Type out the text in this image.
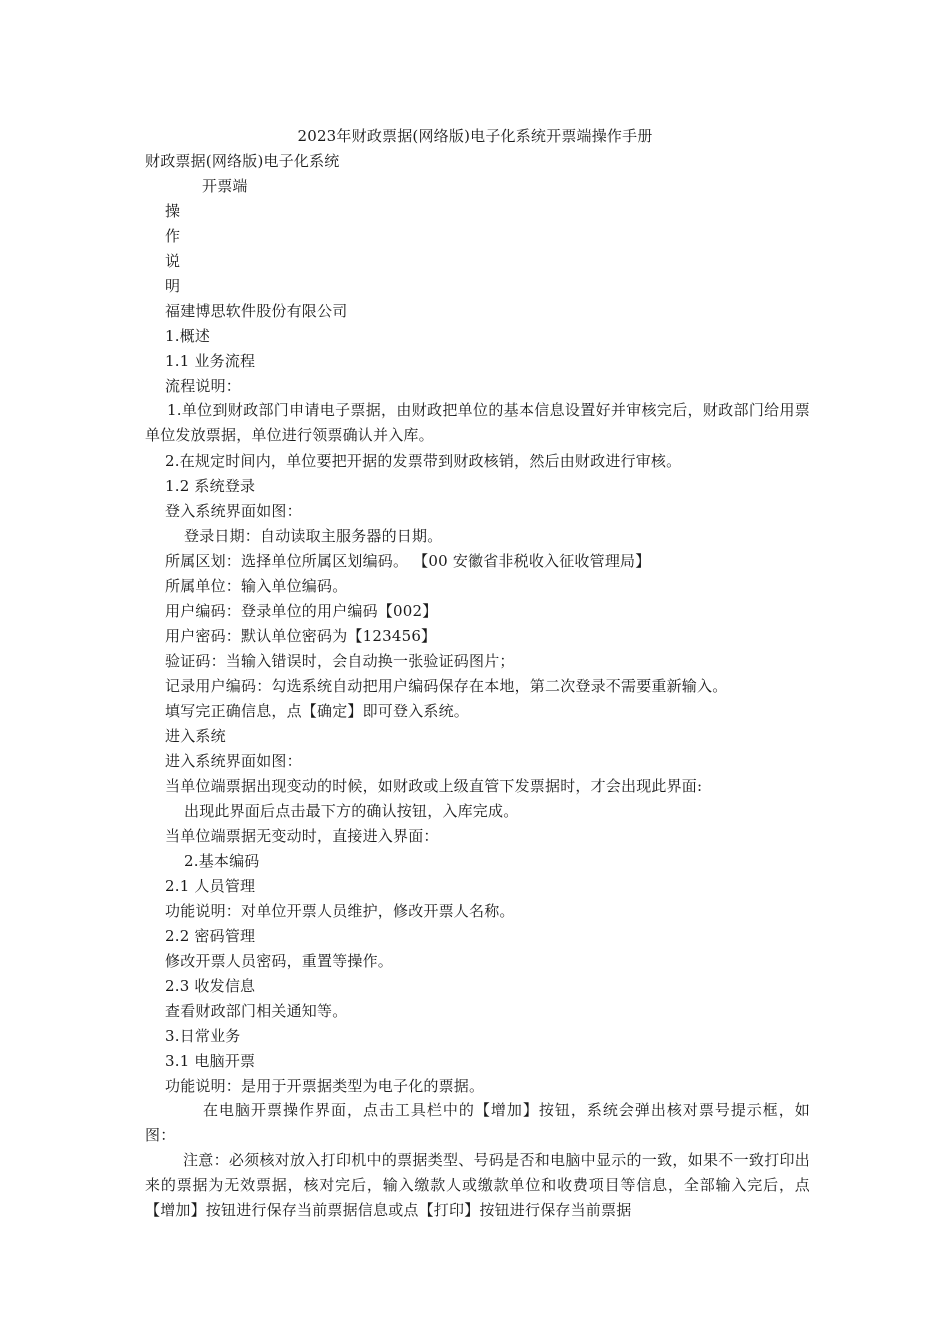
2023年财政票据(网络版)电子化系统开票端操作手册
财政票据(网络版)电子化系统
开票端
操
作
说
明
福建博思软件股份有限公司
1.概述
1.1 业务流程
流程说明：
1.单位到财政部门申请电子票据，由财政把单位的基本信息设置好并审核完后，财政部门给用票单位发放票据，单位进行领票确认并入库。
2.在规定时间内，单位要把开据的发票带到财政核销，然后由财政进行审核。
1.2 系统登录
登入系统界面如图：
登录日期：自动读取主服务器的日期。
所属区划：选择单位所属区划编码。 【00 安徽省非税收入征收管理局】
所属单位：输入单位编码。
用户编码：登录单位的用户编码【002】
用户密码：默认单位密码为【123456】
验证码：当输入错误时，会自动换一张验证码图片；
记录用户编码：勾选系统自动把用户编码保存在本地，第二次登录不需要重新输入。
填写完正确信息，点【确定】即可登入系统。
进入系统
进入系统界面如图：
当单位端票据出现变动的时候，如财政或上级直管下发票据时，才会出现此界面:
出现此界面后点击最下方的确认按钮，入库完成。
当单位端票据无变动时，直接进入界面：
2.基本编码
2.1 人员管理
功能说明：对单位开票人员维护，修改开票人名称。
2.2 密码管理
修改开票人员密码，重置等操作。
2.3 收发信息
查看财政部门相关通知等。
3.日常业务
3.1 电脑开票
功能说明：是用于开票据类型为电子化的票据。
在电脑开票操作界面，点击工具栏中的【增加】按钮，系统会弹出核对票号提示框，如图：
注意：必须核对放入打印机中的票据类型、号码是否和电脑中显示的一致，如果不一致打印出来的票据为无效票据，核对完后，输入缴款人或缴款单位和收费项目等信息，全部输入完后，点【增加】按钮进行保存当前票据信息或点【打印】按钮进行保存当前票据
